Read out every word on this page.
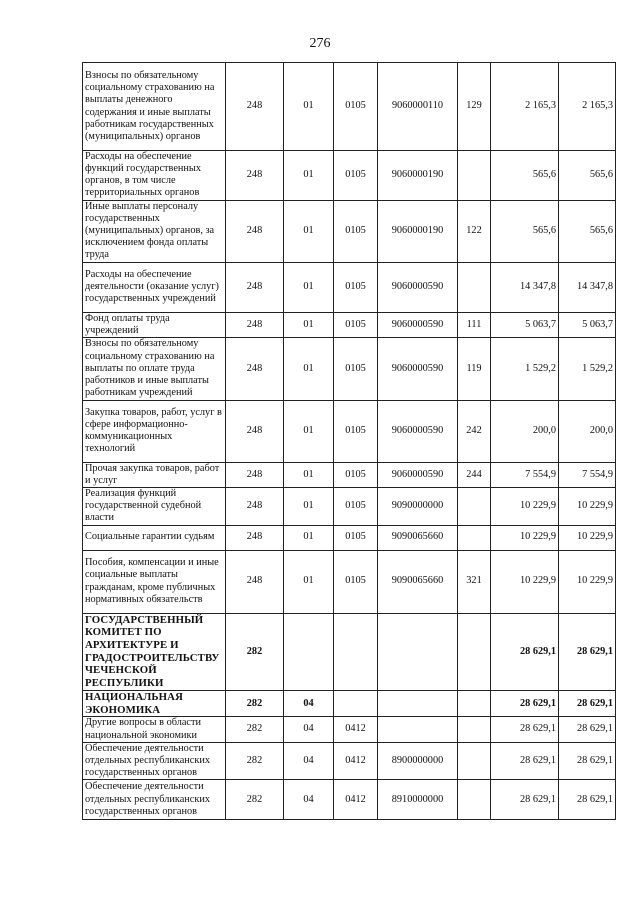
276
Взносы по обязательному социальному страхованию на выплаты денежного содержания и иные выплаты работникам государственных (муниципальных) органов	248	01	0105	9060000110	129	2 165,3	2 165,3
Расходы на обеспечение функций государственных органов, в том числе территориальных органов	248	01	0105	9060000190		565,6	565,6
Иные выплаты персоналу государственных (муниципальных) органов, за исключением фонда оплаты труда	248	01	0105	9060000190	122	565,6	565,6
Расходы на обеспечение деятельности (оказание услуг) государственных учреждений	248	01	0105	9060000590		14 347,8	14 347,8
Фонд оплаты труда учреждений	248	01	0105	9060000590	111	5 063,7	5 063,7
Взносы по обязательному социальному страхованию на выплаты по оплате труда работников и иные выплаты работникам учреждений	248	01	0105	9060000590	119	1 529,2	1 529,2
Закупка товаров, работ, услуг в сфере информационно-коммуникационных технологий	248	01	0105	9060000590	242	200,0	200,0
Прочая закупка товаров, работ и услуг	248	01	0105	9060000590	244	7 554,9	7 554,9
Реализация функций государственной судебной власти	248	01	0105	9090000000		10 229,9	10 229,9
Социальные гарантии судьям	248	01	0105	9090065660		10 229,9	10 229,9
Пособия, компенсации и иные социальные выплаты гражданам, кроме публичных нормативных обязательств	248	01	0105	9090065660	321	10 229,9	10 229,9
ГОСУДАРСТВЕННЫЙ КОМИТЕТ ПО АРХИТЕКТУРЕ И ГРАДОСТРОИТЕЛЬСТВУ ЧЕЧЕНСКОЙ РЕСПУБЛИКИ	282					28 629,1	28 629,1
НАЦИОНАЛЬНАЯ ЭКОНОМИКА	282	04				28 629,1	28 629,1
Другие вопросы в области национальной экономики	282	04	0412			28 629,1	28 629,1
Обеспечение деятельности отдельных республиканских государственных органов	282	04	0412	8900000000		28 629,1	28 629,1
Обеспечение деятельности отдельных республиканских государственных органов	282	04	0412	8910000000		28 629,1	28 629,1
